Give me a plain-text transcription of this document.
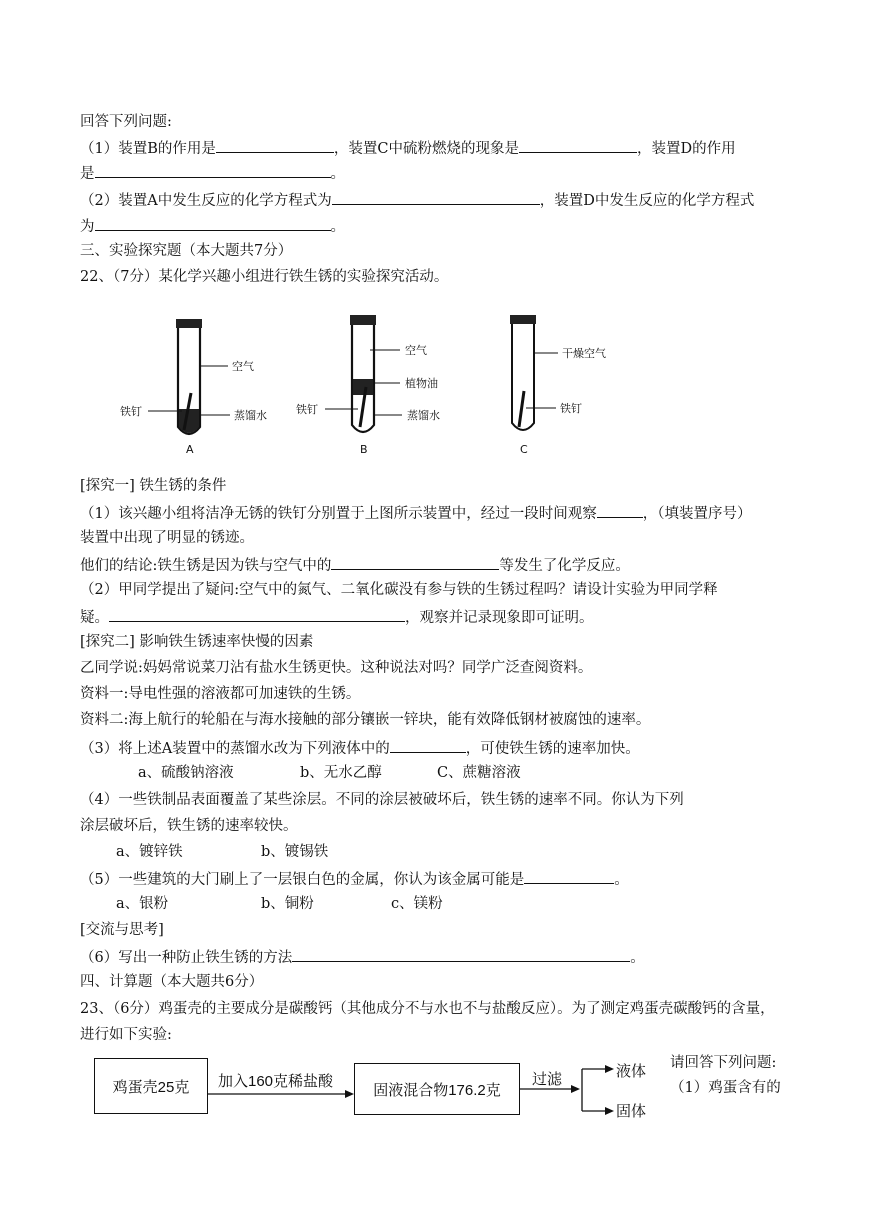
回答下列问题:
（1）装置B的作用是	，装置C中硫粉燃烧的现象是	，装置D的作用
是	。
（2）装置A中发生反应的化学方程式为	，装置D中发生反应的化学方程式
为	。
三、实验探究题（本大题共7分）
22、（7分）某化学兴趣小组进行铁生锈的实验探究活动。
空气
铁钉	蒸馏水
A
空气
植物油
铁钉	蒸馏水
B
干燥空气
铁钉
C
[探究一] 铁生锈的条件
（1）该兴趣小组将洁净无锈的铁钉分别置于上图所示装置中，经过一段时间观察	，（填装置序号）
装置中出现了明显的锈迹。
他们的结论:铁生锈是因为铁与空气中的	等发生了化学反应。
（2）甲同学提出了疑问:空气中的氮气、二氧化碳没有参与铁的生锈过程吗？请设计实验为甲同学释
疑。	，观察并记录现象即可证明。
[探究二] 影响铁生锈速率快慢的因素
乙同学说:妈妈常说菜刀沾有盐水生锈更快。这种说法对吗？同学广泛查阅资料。
资料一:导电性强的溶液都可加速铁的生锈。
资料二:海上航行的轮船在与海水接触的部分镶嵌一锌块，能有效降低钢材被腐蚀的速率。
（3）将上述A装置中的蒸馏水改为下列液体中的	，可使铁生锈的速率加快。
a、硫酸钠溶液	b、无水乙醇	C、蔗糖溶液
（4）一些铁制品表面覆盖了某些涂层。不同的涂层被破坏后，铁生锈的速率不同。你认为下列
涂层破坏后，铁生锈的速率较快。
a、镀锌铁	b、镀锡铁
（5）一些建筑的大门刷上了一层银白色的金属，你认为该金属可能是	。
a、银粉	b、铜粉	c、镁粉
[交流与思考]
（6）写出一种防止铁生锈的方法	。
四、计算题（本大题共6分）
23、（6分）鸡蛋壳的主要成分是碳酸钙（其他成分不与水也不与盐酸反应）。为了测定鸡蛋壳碳酸钙的含量，
进行如下实验:
鸡蛋壳25克 加入160克稀盐酸	固液混合物176.2克
过滤	液体
固体
请回答下列问题:
（1）鸡蛋含有的
